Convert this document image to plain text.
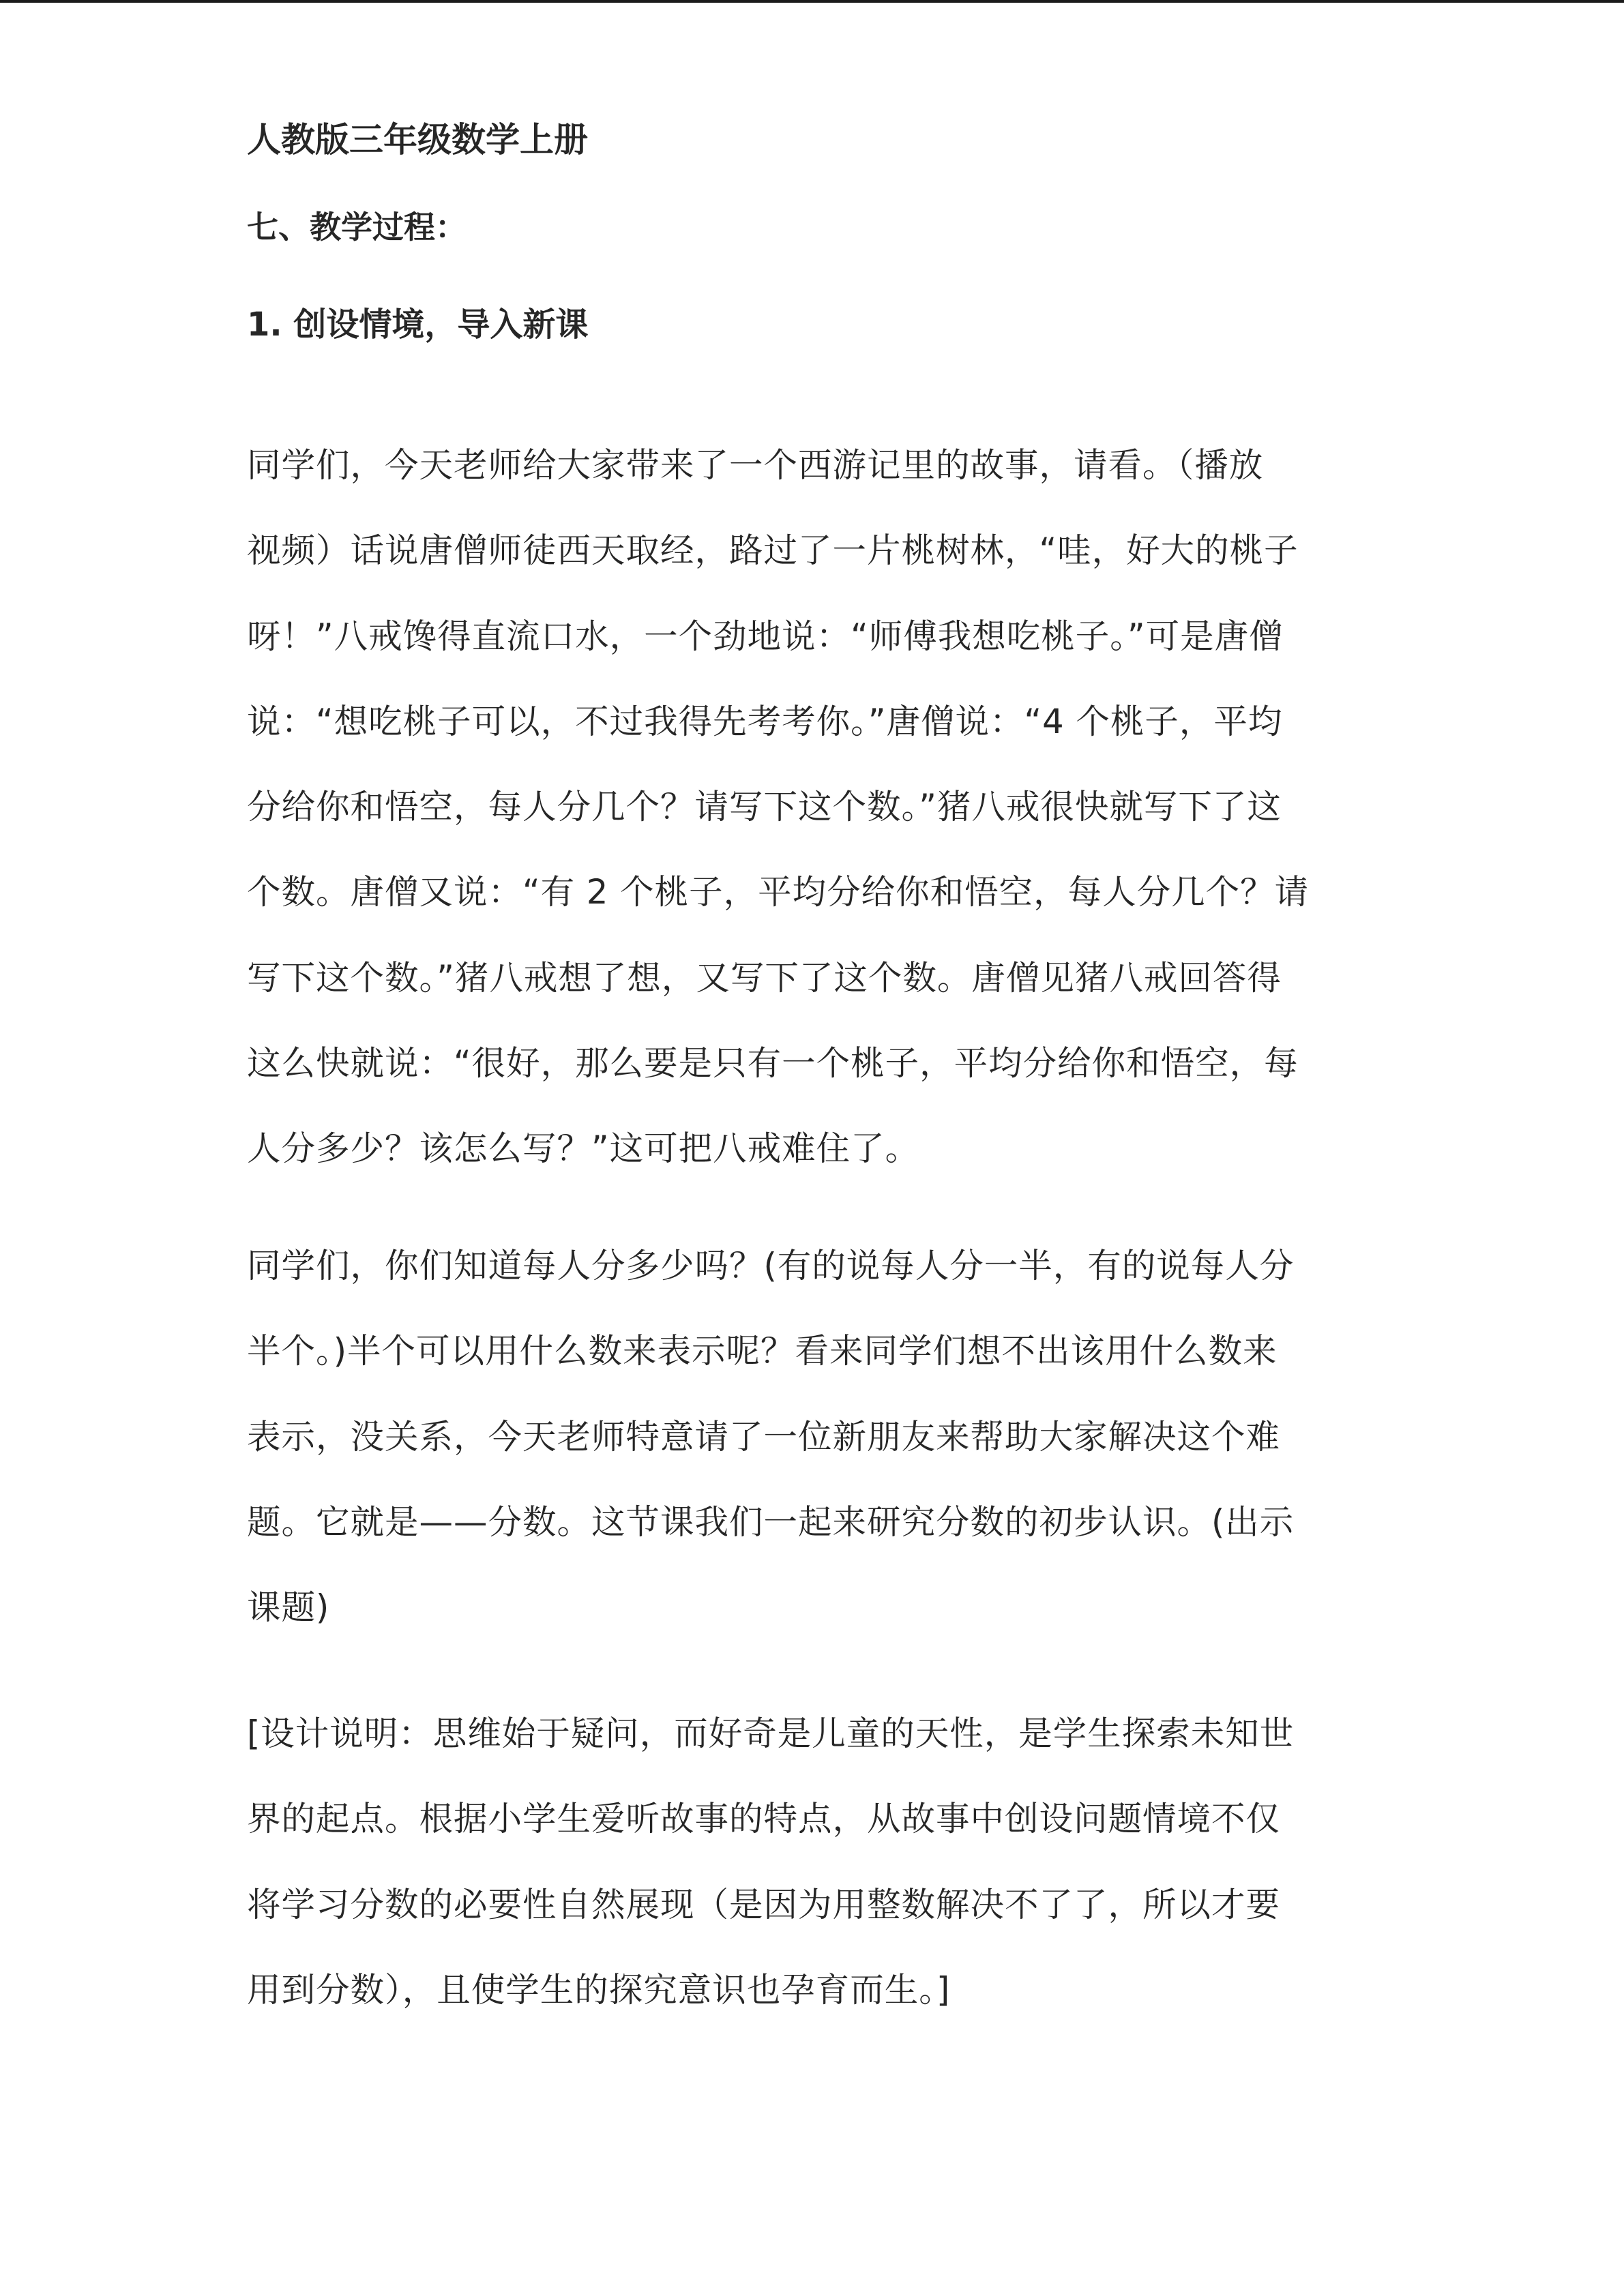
人教版三年级数学上册
七、教学过程：
1. 创设情境，导入新课
同学们，今天老师给大家带来了一个西游记里的故事，请看。（播放
视频）话说唐僧师徒西天取经，路过了一片桃树林，“哇，好大的桃子
呀！”八戒馋得直流口水，一个劲地说：“师傅我想吃桃子。”可是唐僧
说：“想吃桃子可以，不过我得先考考你。”唐僧说：“4 个桃子，平均
分给你和悟空，每人分几个？请写下这个数。”猪八戒很快就写下了这
个数。唐僧又说：“有 2 个桃子，平均分给你和悟空，每人分几个？请
写下这个数。”猪八戒想了想，又写下了这个数。唐僧见猪八戒回答得
这么快就说：“很好，那么要是只有一个桃子，平均分给你和悟空，每
人分多少？该怎么写？”这可把八戒难住了。
同学们，你们知道每人分多少吗？(有的说每人分一半，有的说每人分
半个。)半个可以用什么数来表示呢？看来同学们想不出该用什么数来
表示，没关系，今天老师特意请了一位新朋友来帮助大家解决这个难
题。它就是——分数。这节课我们一起来研究分数的初步认识。(出示
课题)
[设计说明：思维始于疑问，而好奇是儿童的天性，是学生探索未知世
界的起点。根据小学生爱听故事的特点，从故事中创设问题情境不仅
将学习分数的必要性自然展现（是因为用整数解决不了了，所以才要
用到分数），且使学生的探究意识也孕育而生。]
